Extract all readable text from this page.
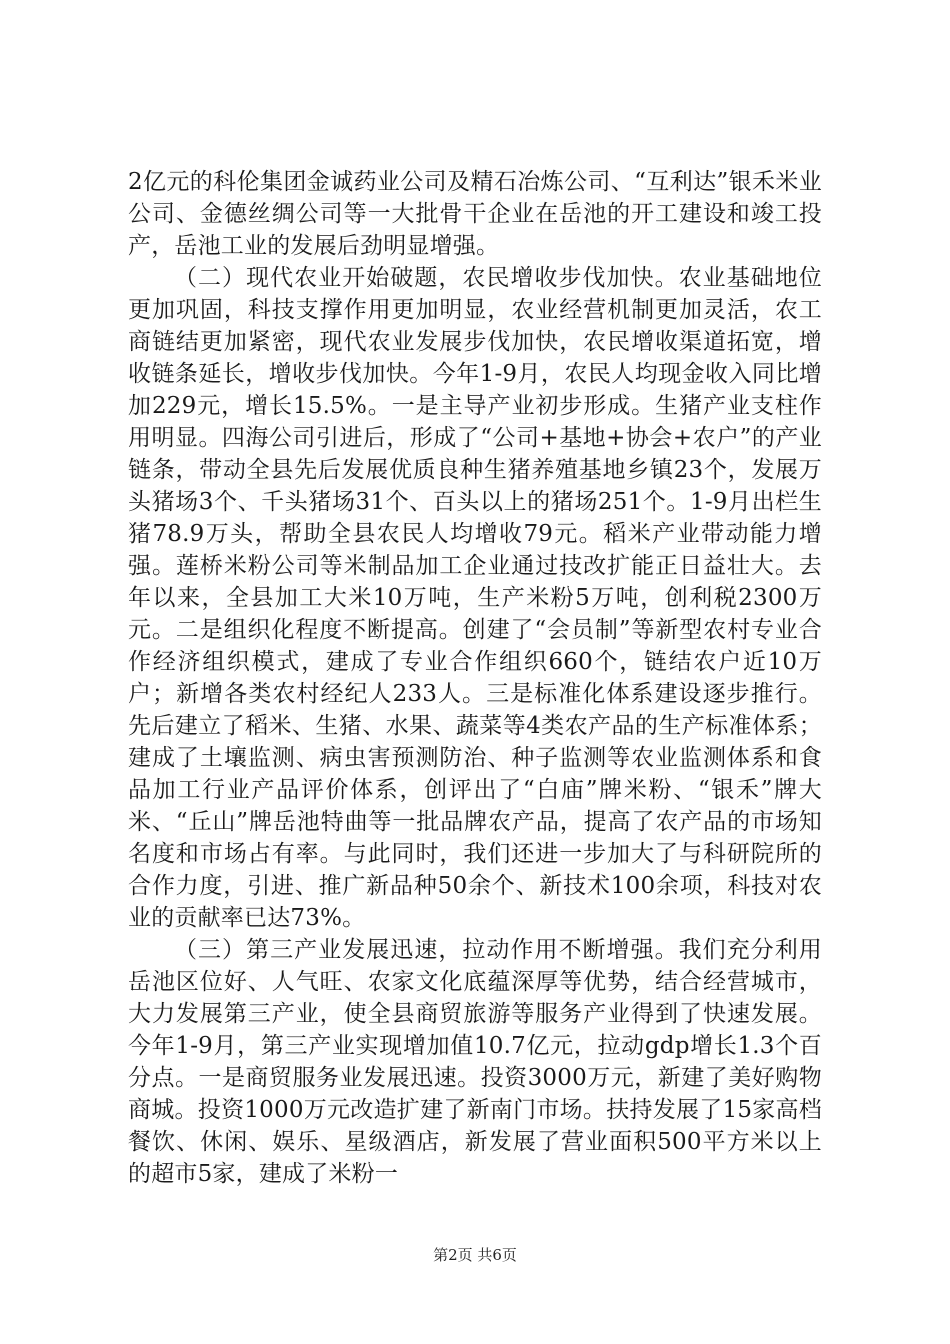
2亿元的科伦集团金诚药业公司及精石冶炼公司、“互利达”银禾米业公司、金德丝绸公司等一大批骨干企业在岳池的开工建设和竣工投产，岳池工业的发展后劲明显增强。

（二）现代农业开始破题，农民增收步伐加快。农业基础地位更加巩固，科技支撑作用更加明显，农业经营机制更加灵活，农工商链结更加紧密，现代农业发展步伐加快，农民增收渠道拓宽，增收链条延长，增收步伐加快。今年1-9月，农民人均现金收入同比增加229元，增长15.5%。一是主导产业初步形成。生猪产业支柱作用明显。四海公司引进后，形成了“公司+基地+协会+农户”的产业链条，带动全县先后发展优质良种生猪养殖基地乡镇23个，发展万头猪场3个、千头猪场31个、百头以上的猪场251个。1-9月出栏生猪78.9万头，帮助全县农民人均增收79元。稻米产业带动能力增强。莲桥米粉公司等米制品加工企业通过技改扩能正日益壮大。去年以来，全县加工大米10万吨，生产米粉5万吨，创利税2300万元。二是组织化程度不断提高。创建了“会员制”等新型农村专业合作经济组织模式，建成了专业合作组织660个，链结农户近10万户；新增各类农村经纪人233人。三是标准化体系建设逐步推行。先后建立了稻米、生猪、水果、蔬菜等4类农产品的生产标准体系；建成了土壤监测、病虫害预测防治、种子监测等农业监测体系和食品加工行业产品评价体系，创评出了“白庙”牌米粉、“银禾”牌大米、“丘山”牌岳池特曲等一批品牌农产品，提高了农产品的市场知名度和市场占有率。与此同时，我们还进一步加大了与科研院所的合作力度，引进、推广新品种50余个、新技术100余项，科技对农业的贡献率已达73%。

（三）第三产业发展迅速，拉动作用不断增强。我们充分利用岳池区位好、人气旺、农家文化底蕴深厚等优势，结合经营城市，大力发展第三产业，使全县商贸旅游等服务产业得到了快速发展。今年1-9月，第三产业实现增加值10.7亿元，拉动gdp增长1.3个百分点。一是商贸服务业发展迅速。投资3000万元，新建了美好购物商城。投资1000万元改造扩建了新南门市场。扶持发展了15家高档餐饮、休闲、娱乐、星级酒店，新发展了营业面积500平方米以上的超市5家，建成了米粉一

第2页 共6页
